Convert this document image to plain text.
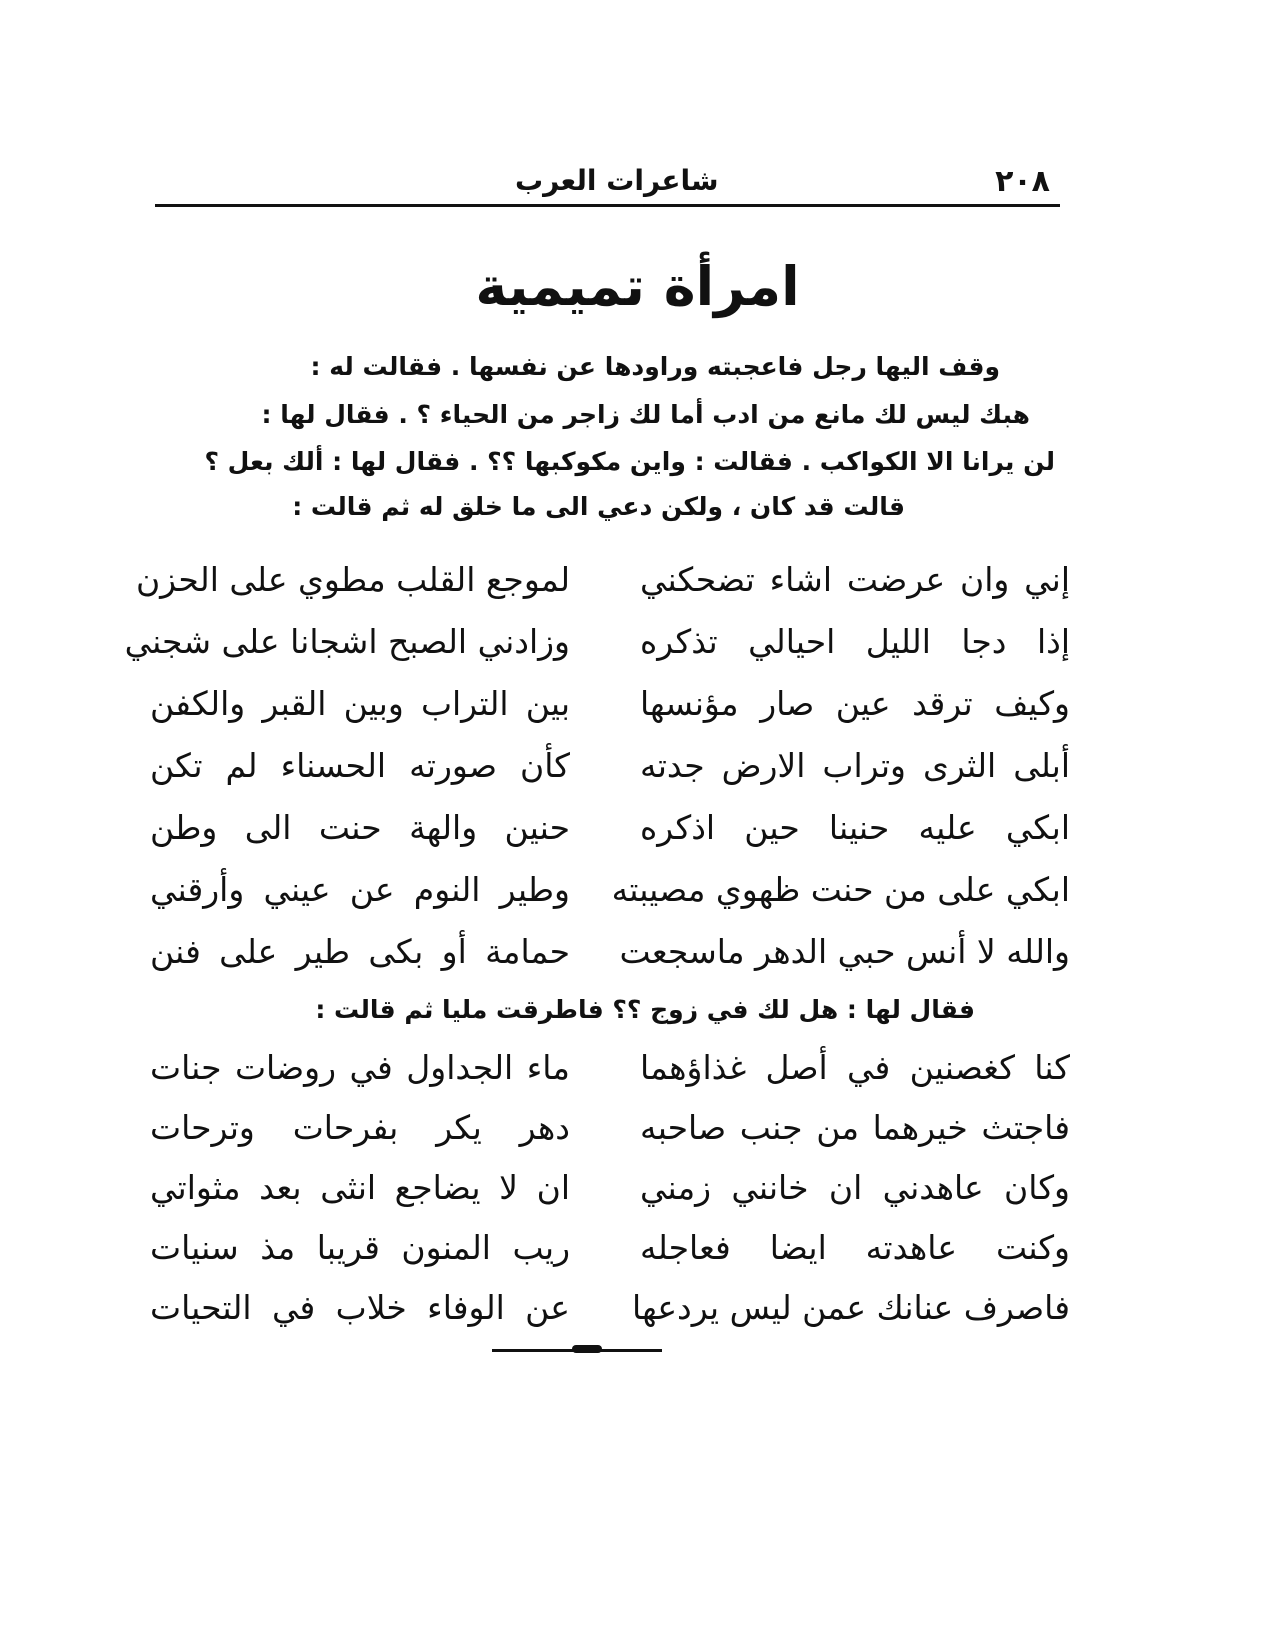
٢٠٨
شاعرات العرب
امرأة تميمية
وقف اليها رجل فاعجبته وراودها عن نفسها . فقالت له :
هبك ليس لك مانع من ادب أما لك زاجر من الحياء ؟ . فقال لها :
لن يرانا الا الكواكب . فقالت : واين مكوكبها ؟؟ . فقال لها : ألك بعل ؟
قالت قد كان ، ولكن دعي الى ما خلق له ثم قالت :
إني وان عرضت اشاء تضحكني
لموجع القلب مطوي على الحزن
إذا دجا الليل احيالي تذكره
وزادني الصبح اشجانا على شجني
وكيف ترقد عين صار مؤنسها
بين التراب وبين القبر والكفن
أبلى الثرى وتراب الارض جدته
كأن صورته الحسناء لم تكن
ابكي عليه حنينا حين اذكره
حنين والهة حنت الى وطن
ابكي على من حنت ظهوي مصيبته
وطير النوم عن عيني وأرقني
والله لا أنس حبي الدهر ماسجعت
حمامة أو بكى طير على فنن
فقال لها : هل لك في زوج ؟؟ فاطرقت مليا ثم قالت :
كنا كغصنين في أصل غذاؤهما
ماء الجداول في روضات جنات
فاجتث خيرهما من جنب صاحبه
دهر يكر بفرحات وترحات
وكان عاهدني ان خانني زمني
ان لا يضاجع انثى بعد مثواتي
وكنت عاهدته ايضا فعاجله
ريب المنون قريبا مذ سنيات
فاصرف عنانك عمن ليس يردعها
عن الوفاء خلاب في التحيات
